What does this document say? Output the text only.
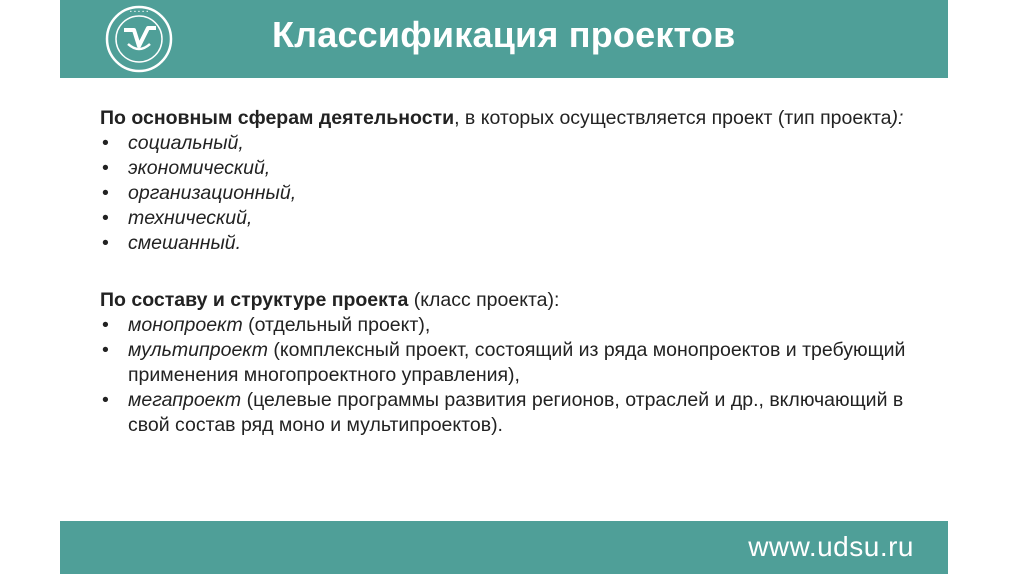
• • • • •
Классификация проектов

По основным сферам деятельности, в которых осуществляется проект (тип проекта):

• социальный,
• экономический,
• организационный,
• технический,
• смешанный.

По составу и структуре проекта (класс проекта):

• монопроект (отдельный проект),
• мультипроект (комплексный проект, состоящий из ряда монопроектов и требующий применения многопроектного управления),
• мегапроект (целевые программы развития регионов, отраслей и др., включающий в свой состав ряд моно и мультипроектов).
www.udsu.ru
